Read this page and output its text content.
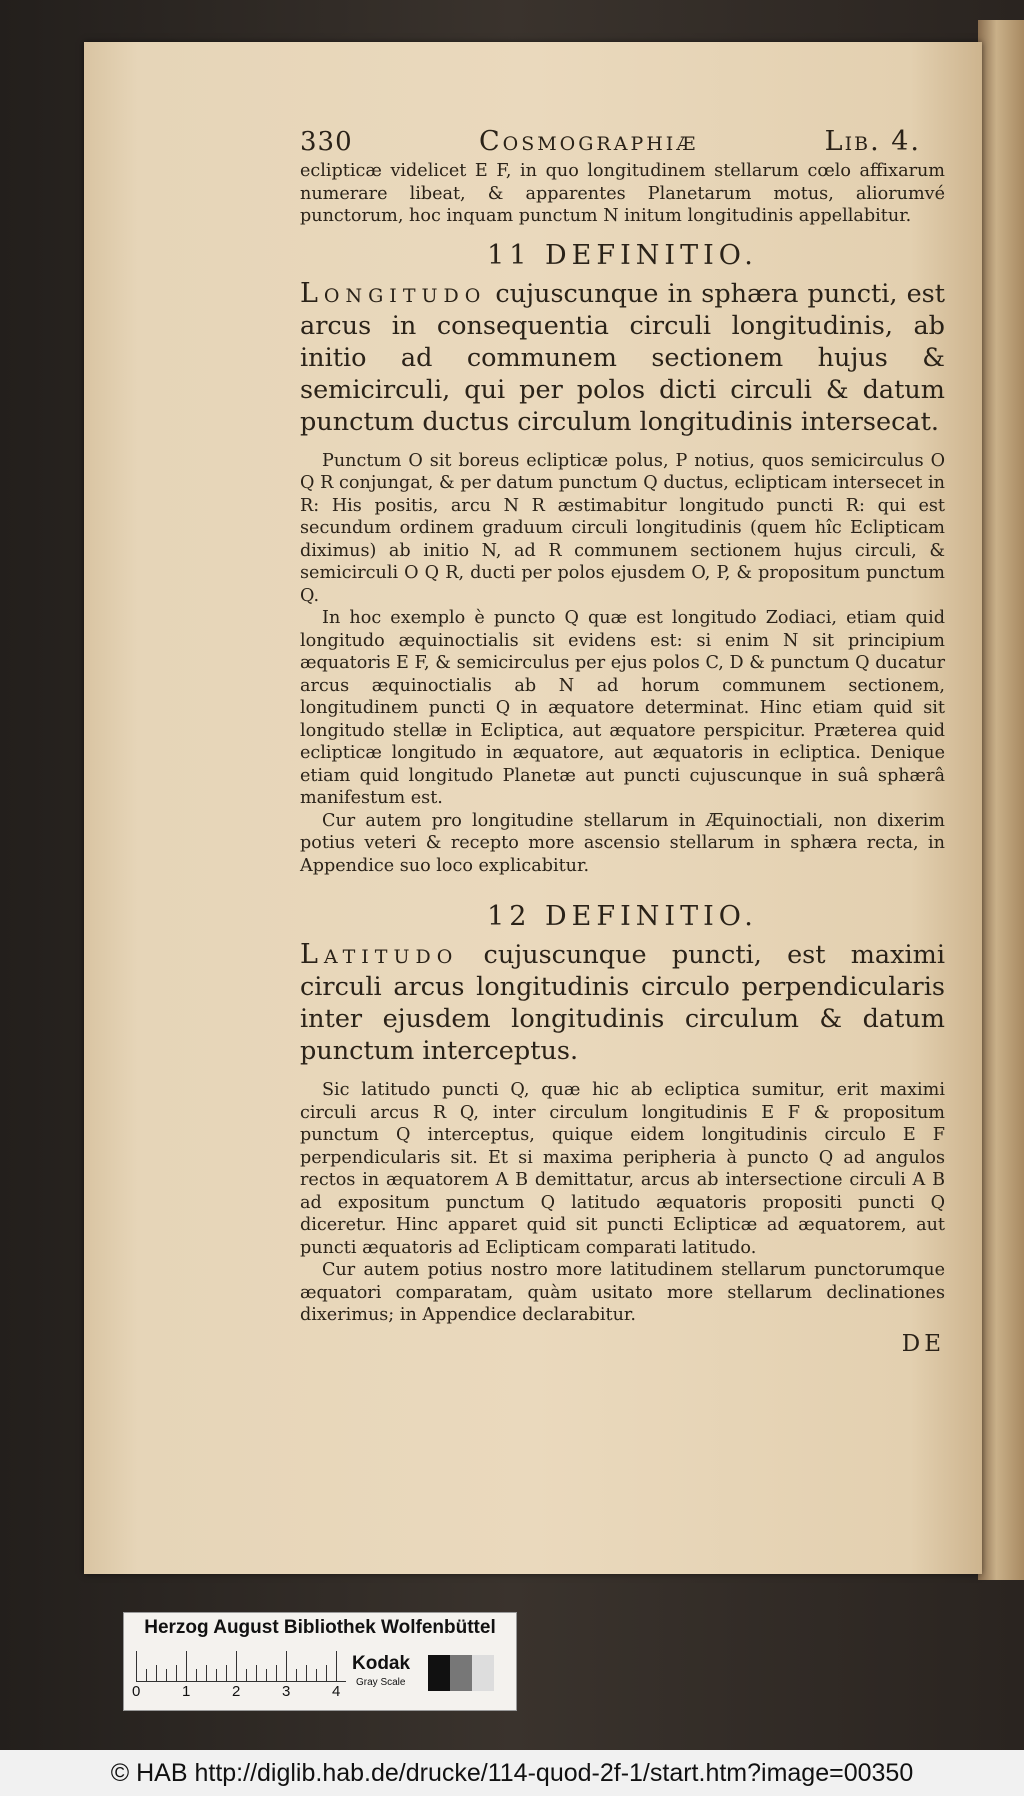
330	Cosmographiæ	Lib. 4.

eclipticæ videlicet E F, in quo longitudinem stellarum cœlo affixarum numerare libeat, & apparentes Planetarum motus, aliorumvé punctorum, hoc inquam punctum N initum longitudinis appellabitur.

11 DEFINITIO.

Longitudo cujuscunque in sphæra puncti, est arcus in consequentia circuli longitudinis, ab initio ad communem sectionem hujus & semicirculi, qui per polos dicti circuli & datum punctum ductus circulum longitudinis intersecat.

Punctum O sit boreus eclipticæ polus, P notius, quos semicirculus O Q R conjungat, & per datum punctum Q ductus, eclipticam intersecet in R: His positis, arcu N R æstimabitur longitudo puncti R: qui est secundum ordinem graduum circuli longitudinis (quem hîc Eclipticam diximus) ab initio N, ad R communem sectionem hujus circuli, & semicirculi O Q R, ducti per polos ejusdem O, P, & propositum punctum Q.

In hoc exemplo è puncto Q quæ est longitudo Zodiaci, etiam quid longitudo æquinoctialis sit evidens est: si enim N sit principium æquatoris E F, & semicirculus per ejus polos C, D & punctum Q ducatur arcus æquinoctialis ab N ad horum communem sectionem, longitudinem puncti Q in æquatore determinat. Hinc etiam quid sit longitudo stellæ in Ecliptica, aut æquatore perspicitur. Præterea quid eclipticæ longitudo in æquatore, aut æquatoris in ecliptica. Denique etiam quid longitudo Planetæ aut puncti cujuscunque in suâ sphærâ manifestum est.

Cur autem pro longitudine stellarum in Æquinoctiali, non dixerim potius veteri & recepto more ascensio stellarum in sphæra recta, in Appendice suo loco explicabitur.

12 DEFINITIO.

Latitudo cujuscunque puncti, est maximi circuli arcus longitudinis circulo perpendicularis inter ejusdem longitudinis circulum & datum punctum interceptus.

Sic latitudo puncti Q, quæ hic ab ecliptica sumitur, erit maximi circuli arcus R Q, inter circulum longitudinis E F & propositum punctum Q interceptus, quique eidem longitudinis circulo E F perpendicularis sit. Et si maxima peripheria à puncto Q ad angulos rectos in æquatorem A B demittatur, arcus ab intersectione circuli A B ad expositum punctum Q latitudo æquatoris propositi puncti Q diceretur. Hinc apparet quid sit puncti Eclipticæ ad æquatorem, aut puncti æquatoris ad Eclipticam comparati latitudo.

Cur autem potius nostro more latitudinem stellarum punctorumque æquatori comparatam, quàm usitato more stellarum declinationes dixerimus; in Appendice declarabitur.

DE

Herzog August Bibliothek Wolfenbüttel
0	1	2	3	4
Kodak
Gray Scale
© HAB http://diglib.hab.de/drucke/114-quod-2f-1/start.htm?image=00350
